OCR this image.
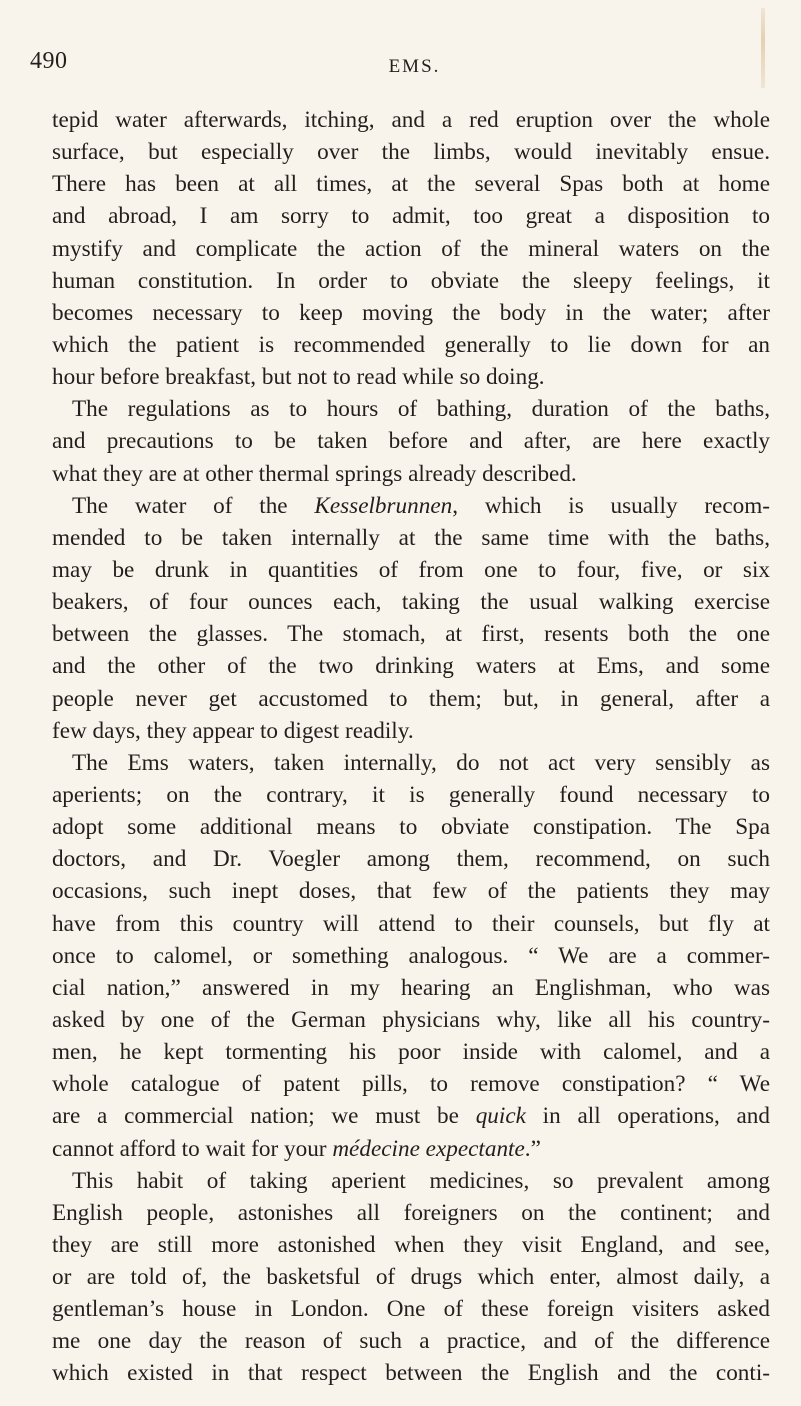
490	EMS.
tepid water afterwards, itching, and a red eruption over the whole
surface, but especially over the limbs, would inevitably ensue.
There has been at all times, at the several Spas both at home
and abroad, I am sorry to admit, too great a disposition to
mystify and complicate the action of the mineral waters on the
human constitution. In order to obviate the sleepy feelings, it
becomes necessary to keep moving the body in the water; after
which the patient is recommended generally to lie down for an
hour before breakfast, but not to read while so doing.
The regulations as to hours of bathing, duration of the baths,
and precautions to be taken before and after, are here exactly
what they are at other thermal springs already described.
The water of the Kesselbrunnen, which is usually recom-
mended to be taken internally at the same time with the baths,
may be drunk in quantities of from one to four, five, or six
beakers, of four ounces each, taking the usual walking exercise
between the glasses. The stomach, at first, resents both the one
and the other of the two drinking waters at Ems, and some
people never get accustomed to them; but, in general, after a
few days, they appear to digest readily.
The Ems waters, taken internally, do not act very sensibly as
aperients; on the contrary, it is generally found necessary to
adopt some additional means to obviate constipation. The Spa
doctors, and Dr. Voegler among them, recommend, on such
occasions, such inept doses, that few of the patients they may
have from this country will attend to their counsels, but fly at
once to calomel, or something analogous. “ We are a commer-
cial nation,” answered in my hearing an Englishman, who was
asked by one of the German physicians why, like all his country-
men, he kept tormenting his poor inside with calomel, and a
whole catalogue of patent pills, to remove constipation? “ We
are a commercial nation; we must be quick in all operations, and
cannot afford to wait for your médecine expectante.”
This habit of taking aperient medicines, so prevalent among
English people, astonishes all foreigners on the continent; and
they are still more astonished when they visit England, and see,
or are told of, the basketsful of drugs which enter, almost daily, a
gentleman’s house in London. One of these foreign visiters asked
me one day the reason of such a practice, and of the difference
which existed in that respect between the English and the conti-
